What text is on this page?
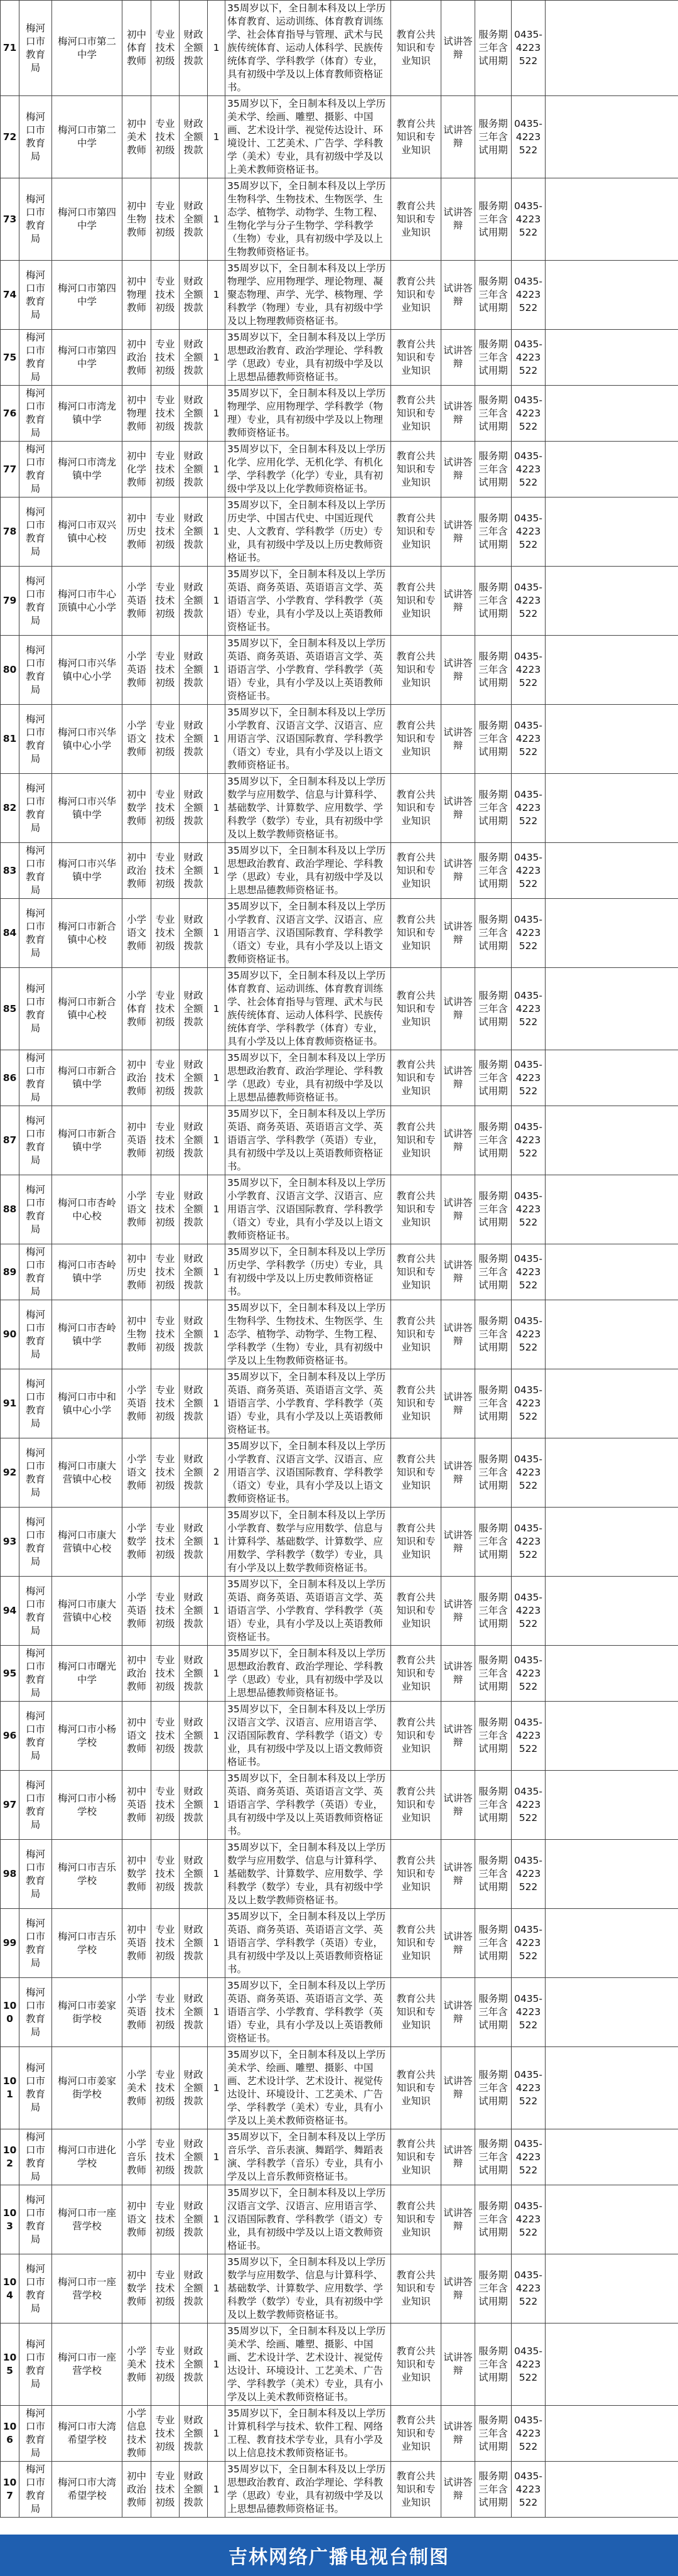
71	梅河口市教育局	梅河口市第二中学	初中体育教师	专业技术初级	财政全额拨款	1	35周岁以下，全日制本科及以上学历体育教育、运动训练、体育教育训练学、社会体育指导与管理、武术与民族传统体育、运动人体科学、民族传统体育学、学科教学（体育）专业，具有初级中学及以上体育教师资格证书。	教育公共知识和专业知识	试讲答辩	服务期三年含试用期	0435-4223522	
72	梅河口市教育局	梅河口市第二中学	初中美术教师	专业技术初级	财政全额拨款	1	35周岁以下，全日制本科及以上学历美术学、绘画、雕塑、摄影、中国画、艺术设计学、视觉传达设计、环境设计、工艺美术、广告学、学科教学（美术）专业，具有初级中学及以上美术教师资格证书。	教育公共知识和专业知识	试讲答辩	服务期三年含试用期	0435-4223522	
73	梅河口市教育局	梅河口市第四中学	初中生物教师	专业技术初级	财政全额拨款	1	35周岁以下，全日制本科及以上学历生物科学、生物技术、生物医学、生态学、植物学、动物学、生物工程、生物化学与分子生物学、学科教学（生物）专业，具有初级中学及以上生物教师资格证书。	教育公共知识和专业知识	试讲答辩	服务期三年含试用期	0435-4223522	
74	梅河口市教育局	梅河口市第四中学	初中物理教师	专业技术初级	财政全额拨款	1	35周岁以下，全日制本科及以上学历物理学、应用物理学、理论物理、凝聚态物理、声学、光学、核物理、学科教学（物理）专业，具有初级中学及以上物理教师资格证书。	教育公共知识和专业知识	试讲答辩	服务期三年含试用期	0435-4223522	
75	梅河口市教育局	梅河口市第四中学	初中政治教师	专业技术初级	财政全额拨款	1	35周岁以下，全日制本科及以上学历思想政治教育、政治学理论、学科教学（思政）专业，具有初级中学及以上思想品德教师资格证书。	教育公共知识和专业知识	试讲答辩	服务期三年含试用期	0435-4223522	
76	梅河口市教育局	梅河口市湾龙镇中学	初中物理教师	专业技术初级	财政全额拨款	1	35周岁以下，全日制本科及以上学历物理学、应用物理学、学科教学（物理）专业，具有初级中学及以上物理教师资格证书。	教育公共知识和专业知识	试讲答辩	服务期三年含试用期	0435-4223522	
77	梅河口市教育局	梅河口市湾龙镇中学	初中化学教师	专业技术初级	财政全额拨款	1	35周岁以下，全日制本科及以上学历化学、应用化学、无机化学、有机化学、学科教学（化学）专业，具有初级中学及以上化学教师资格证书。	教育公共知识和专业知识	试讲答辩	服务期三年含试用期	0435-4223522	
78	梅河口市教育局	梅河口市双兴镇中心校	初中历史教师	专业技术初级	财政全额拨款	1	35周岁以下，全日制本科及以上学历历史学、中国古代史、中国近现代史、人文教育、学科教学（历史）专业，具有初级中学及以上历史教师资格证书。	教育公共知识和专业知识	试讲答辩	服务期三年含试用期	0435-4223522	
79	梅河口市教育局	梅河口市牛心顶镇中心小学	小学英语教师	专业技术初级	财政全额拨款	1	35周岁以下，全日制本科及以上学历英语、商务英语、英语语言文学、英语语言学、小学教育、学科教学（英语）专业，具有小学及以上英语教师资格证书。	教育公共知识和专业知识	试讲答辩	服务期三年含试用期	0435-4223522	
80	梅河口市教育局	梅河口市兴华镇中心小学	小学英语教师	专业技术初级	财政全额拨款	1	35周岁以下，全日制本科及以上学历英语、商务英语、英语语言文学、英语语言学、小学教育、学科教学（英语）专业，具有小学及以上英语教师资格证书。	教育公共知识和专业知识	试讲答辩	服务期三年含试用期	0435-4223522	
81	梅河口市教育局	梅河口市兴华镇中心小学	小学语文教师	专业技术初级	财政全额拨款	1	35周岁以下，全日制本科及以上学历小学教育、汉语言文学、汉语言、应用语言学、汉语国际教育、学科教学（语文）专业，具有小学及以上语文教师资格证书。	教育公共知识和专业知识	试讲答辩	服务期三年含试用期	0435-4223522	
82	梅河口市教育局	梅河口市兴华镇中学	初中数学教师	专业技术初级	财政全额拨款	1	35周岁以下，全日制本科及以上学历数学与应用数学、信息与计算科学、基础数学、计算数学、应用数学、学科教学（数学）专业，具有初级中学及以上数学教师资格证书。	教育公共知识和专业知识	试讲答辩	服务期三年含试用期	0435-4223522	
83	梅河口市教育局	梅河口市兴华镇中学	初中政治教师	专业技术初级	财政全额拨款	1	35周岁以下，全日制本科及以上学历思想政治教育、政治学理论、学科教学（思政）专业，具有初级中学及以上思想品德教师资格证书。	教育公共知识和专业知识	试讲答辩	服务期三年含试用期	0435-4223522	
84	梅河口市教育局	梅河口市新合镇中心校	小学语文教师	专业技术初级	财政全额拨款	1	35周岁以下，全日制本科及以上学历小学教育、汉语言文学、汉语言、应用语言学、汉语国际教育、学科教学（语文）专业，具有小学及以上语文教师资格证书。	教育公共知识和专业知识	试讲答辩	服务期三年含试用期	0435-4223522	
85	梅河口市教育局	梅河口市新合镇中心校	小学体育教师	专业技术初级	财政全额拨款	1	35周岁以下，全日制本科及以上学历体育教育、运动训练、体育教育训练学、社会体育指导与管理、武术与民族传统体育、运动人体科学、民族传统体育学、学科教学（体育）专业，具有小学及以上体育教师资格证书。	教育公共知识和专业知识	试讲答辩	服务期三年含试用期	0435-4223522	
86	梅河口市教育局	梅河口市新合镇中学	初中政治教师	专业技术初级	财政全额拨款	1	35周岁以下，全日制本科及以上学历思想政治教育、政治学理论、学科教学（思政）专业，具有初级中学及以上思想品德教师资格证书。	教育公共知识和专业知识	试讲答辩	服务期三年含试用期	0435-4223522	
87	梅河口市教育局	梅河口市新合镇中学	初中英语教师	专业技术初级	财政全额拨款	1	35周岁以下，全日制本科及以上学历英语、商务英语、英语语言文学、英语语言学、学科教学（英语）专业，具有初级中学及以上英语教师资格证书。	教育公共知识和专业知识	试讲答辩	服务期三年含试用期	0435-4223522	
88	梅河口市教育局	梅河口市杏岭中心校	小学语文教师	专业技术初级	财政全额拨款	1	35周岁以下，全日制本科及以上学历小学教育、汉语言文学、汉语言、应用语言学、汉语国际教育、学科教学（语文）专业，具有小学及以上语文教师资格证书。	教育公共知识和专业知识	试讲答辩	服务期三年含试用期	0435-4223522	
89	梅河口市教育局	梅河口市杏岭镇中学	初中历史教师	专业技术初级	财政全额拨款	1	35周岁以下，全日制本科及以上学历历史学、学科教学（历史）专业，具有初级中学及以上历史教师资格证书。	教育公共知识和专业知识	试讲答辩	服务期三年含试用期	0435-4223522	
90	梅河口市教育局	梅河口市杏岭镇中学	初中生物教师	专业技术初级	财政全额拨款	1	35周岁以下，全日制本科及以上学历生物科学、生物技术、生物医学、生态学、植物学、动物学、生物工程、学科教学（生物）专业，具有初级中学及以上生物教师资格证书。	教育公共知识和专业知识	试讲答辩	服务期三年含试用期	0435-4223522	
91	梅河口市教育局	梅河口市中和镇中心小学	小学英语教师	专业技术初级	财政全额拨款	1	35周岁以下，全日制本科及以上学历英语、商务英语、英语语言文学、英语语言学、小学教育、学科教学（英语）专业，具有小学及以上英语教师资格证书。	教育公共知识和专业知识	试讲答辩	服务期三年含试用期	0435-4223522	
92	梅河口市教育局	梅河口市康大营镇中心校	小学语文教师	专业技术初级	财政全额拨款	2	35周岁以下，全日制本科及以上学历小学教育、汉语言文学、汉语言、应用语言学、汉语国际教育、学科教学（语文）专业，具有小学及以上语文教师资格证书。	教育公共知识和专业知识	试讲答辩	服务期三年含试用期	0435-4223522	
93	梅河口市教育局	梅河口市康大营镇中心校	小学数学教师	专业技术初级	财政全额拨款	1	35周岁以下，全日制本科及以上学历小学教育、数学与应用数学、信息与计算科学、基础数学、计算数学、应用数学、学科教学（数学）专业，具有小学及以上数学教师资格证书。	教育公共知识和专业知识	试讲答辩	服务期三年含试用期	0435-4223522	
94	梅河口市教育局	梅河口市康大营镇中心校	小学英语教师	专业技术初级	财政全额拨款	1	35周岁以下，全日制本科及以上学历英语、商务英语、英语语言文学、英语语言学、小学教育、学科教学（英语）专业，具有小学及以上英语教师资格证书。	教育公共知识和专业知识	试讲答辩	服务期三年含试用期	0435-4223522	
95	梅河口市教育局	梅河口市曙光中学	初中政治教师	专业技术初级	财政全额拨款	1	35周岁以下，全日制本科及以上学历思想政治教育、政治学理论、学科教学（思政）专业，具有初级中学及以上思想品德教师资格证书。	教育公共知识和专业知识	试讲答辩	服务期三年含试用期	0435-4223522	
96	梅河口市教育局	梅河口市小杨学校	初中语文教师	专业技术初级	财政全额拨款	1	35周岁以下，全日制本科及以上学历汉语言文学、汉语言、应用语言学、汉语国际教育、学科教学（语文）专业，具有初级中学及以上语文教师资格证书。	教育公共知识和专业知识	试讲答辩	服务期三年含试用期	0435-4223522	
97	梅河口市教育局	梅河口市小杨学校	初中英语教师	专业技术初级	财政全额拨款	1	35周岁以下，全日制本科及以上学历英语、商务英语、英语语言文学、英语语言学、学科教学（英语）专业，具有初级中学及以上英语教师资格证书。	教育公共知识和专业知识	试讲答辩	服务期三年含试用期	0435-4223522	
98	梅河口市教育局	梅河口市吉乐学校	初中数学教师	专业技术初级	财政全额拨款	1	35周岁以下，全日制本科及以上学历数学与应用数学、信息与计算科学、基础数学、计算数学、应用数学、学科教学（数学）专业，具有初级中学及以上数学教师资格证书。	教育公共知识和专业知识	试讲答辩	服务期三年含试用期	0435-4223522	
99	梅河口市教育局	梅河口市吉乐学校	初中英语教师	专业技术初级	财政全额拨款	1	35周岁以下，全日制本科及以上学历英语、商务英语、英语语言文学、英语语言学、学科教学（英语）专业，具有初级中学及以上英语教师资格证书。	教育公共知识和专业知识	试讲答辩	服务期三年含试用期	0435-4223522	
100	梅河口市教育局	梅河口市姜家街学校	小学英语教师	专业技术初级	财政全额拨款	1	35周岁以下，全日制本科及以上学历英语、商务英语、英语语言文学、英语语言学、小学教育、学科教学（英语）专业，具有小学及以上英语教师资格证书。	教育公共知识和专业知识	试讲答辩	服务期三年含试用期	0435-4223522	
101	梅河口市教育局	梅河口市姜家街学校	小学美术教师	专业技术初级	财政全额拨款	1	35周岁以下，全日制本科及以上学历美术学、绘画、雕塑、摄影、中国画、艺术设计学、艺术设计、视觉传达设计、环境设计、工艺美术、广告学、学科教学（美术）专业，具有小学及以上美术教师资格证书。	教育公共知识和专业知识	试讲答辩	服务期三年含试用期	0435-4223522	
102	梅河口市教育局	梅河口市进化学校	小学音乐教师	专业技术初级	财政全额拨款	1	35周岁以下，全日制本科及以上学历音乐学、音乐表演、舞蹈学、舞蹈表演、学科教学（音乐）专业，具有小学及以上音乐教师资格证书。	教育公共知识和专业知识	试讲答辩	服务期三年含试用期	0435-4223522	
103	梅河口市教育局	梅河口市一座营学校	初中语文教师	专业技术初级	财政全额拨款	1	35周岁以下，全日制本科及以上学历汉语言文学、汉语言、应用语言学、汉语国际教育、学科教学（语文）专业，具有初级中学及以上语文教师资格证书。	教育公共知识和专业知识	试讲答辩	服务期三年含试用期	0435-4223522	
104	梅河口市教育局	梅河口市一座营学校	初中数学教师	专业技术初级	财政全额拨款	1	35周岁以下，全日制本科及以上学历数学与应用数学、信息与计算科学、基础数学、计算数学、应用数学、学科教学（数学）专业，具有初级中学及以上数学教师资格证书。	教育公共知识和专业知识	试讲答辩	服务期三年含试用期	0435-4223522	
105	梅河口市教育局	梅河口市一座营学校	小学美术教师	专业技术初级	财政全额拨款	1	35周岁以下，全日制本科及以上学历美术学、绘画、雕塑、摄影、中国画、艺术设计学、艺术设计、视觉传达设计、环境设计、工艺美术、广告学、学科教学（美术）专业，具有小学及以上美术教师资格证书。	教育公共知识和专业知识	试讲答辩	服务期三年含试用期	0435-4223522	
106	梅河口市教育局	梅河口市大湾希望学校	小学信息技术教师	专业技术初级	财政全额拨款	1	35周岁以下，全日制本科及以上学历计算机科学与技术、软件工程、网络工程、教育技术学专业，具有小学及以上信息技术教师资格证书。	教育公共知识和专业知识	试讲答辩	服务期三年含试用期	0435-4223522	
107	梅河口市教育局	梅河口市大湾希望学校	初中政治教师	专业技术初级	财政全额拨款	1	35周岁以下，全日制本科及以上学历思想政治教育、政治学理论、学科教学（思政）专业，具有初级中学及以上思想品德教师资格证书。	教育公共知识和专业知识	试讲答辩	服务期三年含试用期	0435-4223522	
吉林网络广播电视台制图
